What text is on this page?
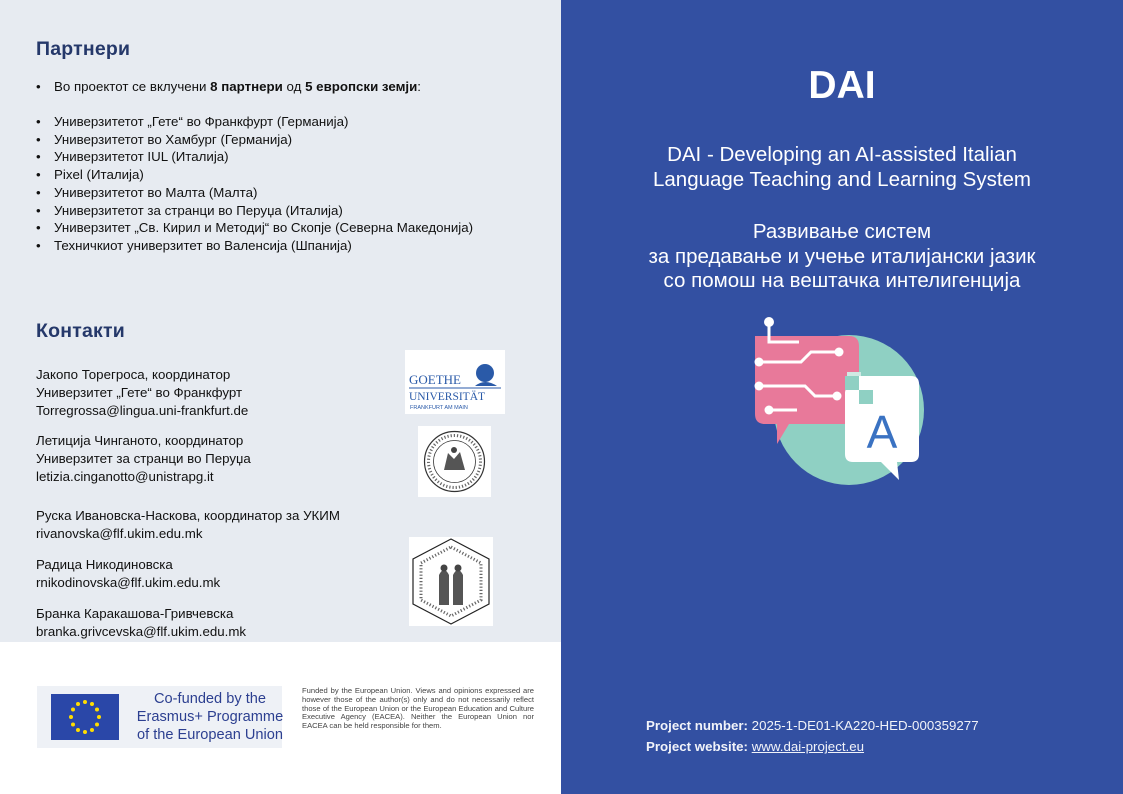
Партнери
•	Во проектот се вклучени 8 партнери од 5 европски земји:
•	Универзитетот „Гете“ во Франкфурт (Германија)
•	Универзитетот во Хамбург (Германија)
•	Универзитетот IUL (Италија)
•	Pixel (Италија)
•	Универзитетот во Малта (Малта)
•	Универзитетот за странци во Перуџа (Италија)
•	Универзитет „Св. Кирил и Методиј“ во Скопје (Северна Македонија)
•	Техничкиот универзитет во Валенсија (Шпанија)
Контакти
Јакопо Торегроса, координатор
Универзитет „Гете“ во Франкфурт
Torregrossa@lingua.uni-frankfurt.de
Летиција Чинганото, координатор
Универзитет за странци во Перуџа
letizia.cinganotto@unistrapg.it
Руска Ивановска-Наскова, координатор за УКИМ
rivanovska@flf.ukim.edu.mk
Радица Никодиновска
rnikodinovska@flf.ukim.edu.mk
Бранка Каракашова-Гривчевска
branka.grivcevska@flf.ukim.edu.mk
GOETHE
UNIVERSITÄT
FRANKFURT AM MAIN
Co-funded by the
Erasmus+ Programme
of the European Union
Funded by the European Union. Views and opinions expressed are however those of the author(s) only and do not necessarily reflect those of the European Union or the European Education and Culture Executive Agency (EACEA). Neither the European Union nor EACEA can be held responsible for them.
DAI
DAI - Developing an AI-assisted Italian
Language Teaching and Learning System
Развивање систем
за предавање и учење италијански јазик
со помош на вештачка интелигенција
A
Project number: 2025-1-DE01-KA220-HED-000359277
Project website: www.dai-project.eu
